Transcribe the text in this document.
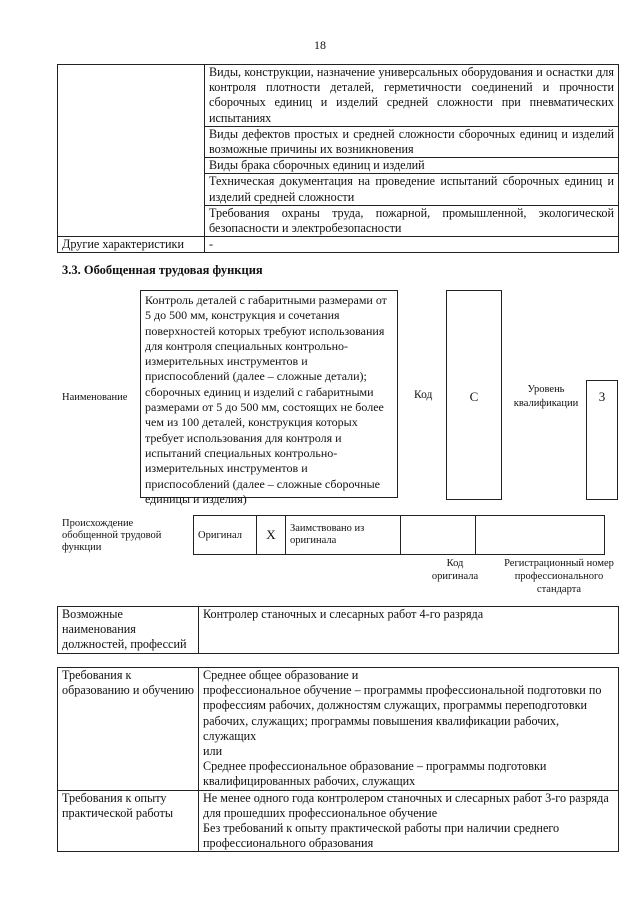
18
	Виды, конструкции, назначение универсальных оборудования и оснастки для контроля плотности деталей, герметичности соединений и прочности сборочных единиц и изделий средней сложности при пневматических испытаниях
	Виды дефектов простых и средней сложности сборочных единиц и изделий возможные причины их возникновения
	Виды брака сборочных единиц и изделий
	Техническая документация на проведение испытаний сборочных единиц и изделий средней сложности
	Требования охраны труда, пожарной, промышленной, экологической безопасности и электробезопасности
Другие характеристики	-
3.3. Обобщенная трудовая функция
Наименование
Контроль деталей с габаритными размерами от 5 до 500 мм, конструкция и сочетания поверхностей которых требуют использования для контроля специальных контрольно-измерительных инструментов и приспособлений (далее – сложные детали); сборочных единиц и изделий с габаритными размерами от 5 до 500 мм, состоящих не более чем из 100 деталей, конструкция которых требует использования для контроля и испытаний специальных контрольно-измерительных инструментов и приспособлений (далее – сложные сборочные единицы и изделия)
Код	C	Уровень квалификации	3
Происхождение обобщенной трудовой функции
Оригинал	X	Заимствовано из оригинала		
Код оригинала
Регистрационный номер профессионального стандарта
Возможные наименования должностей, профессий	Контролер станочных и слесарных работ 4-го разряда
Требования к образованию и обучению	Среднее общее образование и

профессиональное обучение – программы профессиональной подготовки по профессиям рабочих, должностям служащих, программы переподготовки рабочих, служащих; программы повышения квалификации рабочих, служащих

или

Среднее профессиональное образование – программы подготовки квалифицированных рабочих, служащих

Требования к опыту практической работы	Не менее одного года контролером станочных и слесарных работ 3-го разряда для прошедших профессиональное обучение

Без требований к опыту практической работы при наличии среднего профессионального образования
